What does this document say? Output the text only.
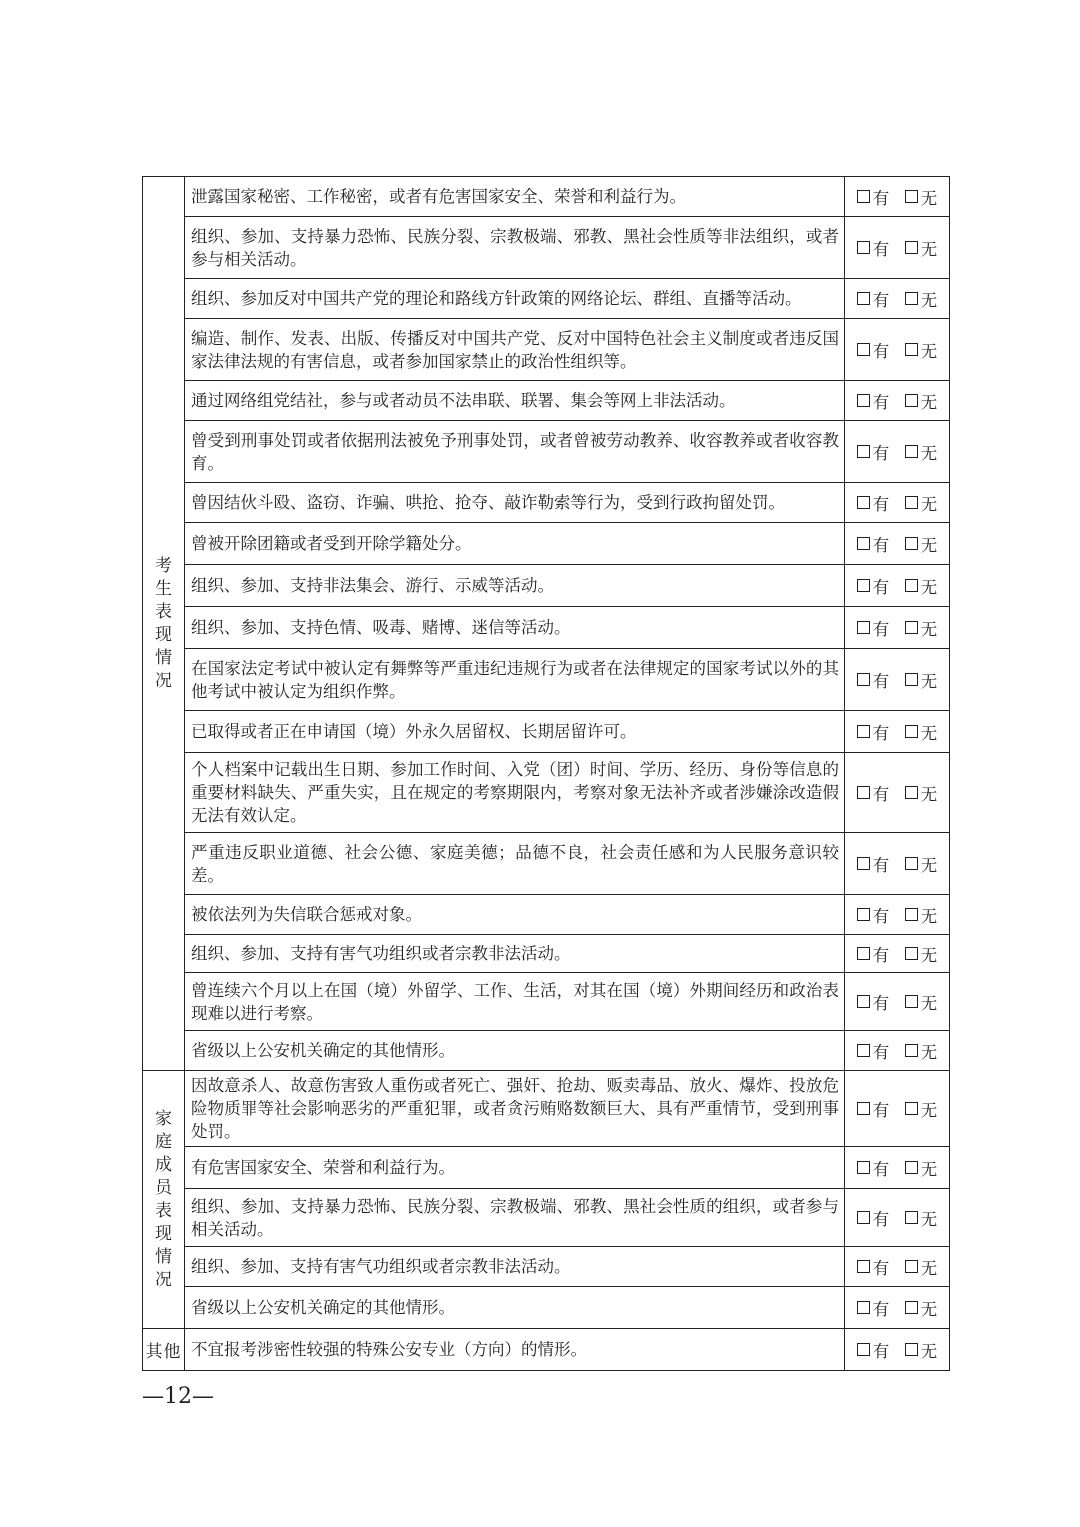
考生表现情况	泄露国家秘密、工作秘密，或者有危害国家安全、荣誉和利益行为。	有 无

	组织、参加、支持暴力恐怖、民族分裂、宗教极端、邪教、黑社会性质等非法组织，或者参与相关活动。	有 无

	组织、参加反对中国共产党的理论和路线方针政策的网络论坛、群组、直播等活动。	有 无

	编造、制作、发表、出版、传播反对中国共产党、反对中国特色社会主义制度或者违反国家法律法规的有害信息，或者参加国家禁止的政治性组织等。	有 无

	通过网络组党结社，参与或者动员不法串联、联署、集会等网上非法活动。	有 无

	曾受到刑事处罚或者依据刑法被免予刑事处罚，或者曾被劳动教养、收容教养或者收容教育。	有 无

	曾因结伙斗殴、盗窃、诈骗、哄抢、抢夺、敲诈勒索等行为，受到行政拘留处罚。	有 无

	曾被开除团籍或者受到开除学籍处分。	有 无

	组织、参加、支持非法集会、游行、示威等活动。	有 无

	组织、参加、支持色情、吸毒、赌博、迷信等活动。	有 无

	在国家法定考试中被认定有舞弊等严重违纪违规行为或者在法律规定的国家考试以外的其他考试中被认定为组织作弊。	有 无

	已取得或者正在申请国（境）外永久居留权、长期居留许可。	有 无

	个人档案中记载出生日期、参加工作时间、入党（团）时间、学历、经历、身份等信息的重要材料缺失、严重失实，且在规定的考察期限内，考察对象无法补齐或者涉嫌涂改造假无法有效认定。	有 无

	严重违反职业道德、社会公德、家庭美德；品德不良，社会责任感和为人民服务意识较差。	有 无

	被依法列为失信联合惩戒对象。	有 无

	组织、参加、支持有害气功组织或者宗教非法活动。	有 无

	曾连续六个月以上在国（境）外留学、工作、生活，对其在国（境）外期间经历和政治表现难以进行考察。	有 无

	省级以上公安机关确定的其他情形。	有 无

家庭成员表现情况	因故意杀人、故意伤害致人重伤或者死亡、强奸、抢劫、贩卖毒品、放火、爆炸、投放危险物质罪等社会影响恶劣的严重犯罪，或者贪污贿赂数额巨大、具有严重情节，受到刑事处罚。	有 无

	有危害国家安全、荣誉和利益行为。	有 无

	组织、参加、支持暴力恐怖、民族分裂、宗教极端、邪教、黑社会性质的组织，或者参与相关活动。	有 无

	组织、参加、支持有害气功组织或者宗教非法活动。	有 无

	省级以上公安机关确定的其他情形。	有 无

其他	不宜报考涉密性较强的特殊公安专业（方向）的情形。	有 无
—12—
